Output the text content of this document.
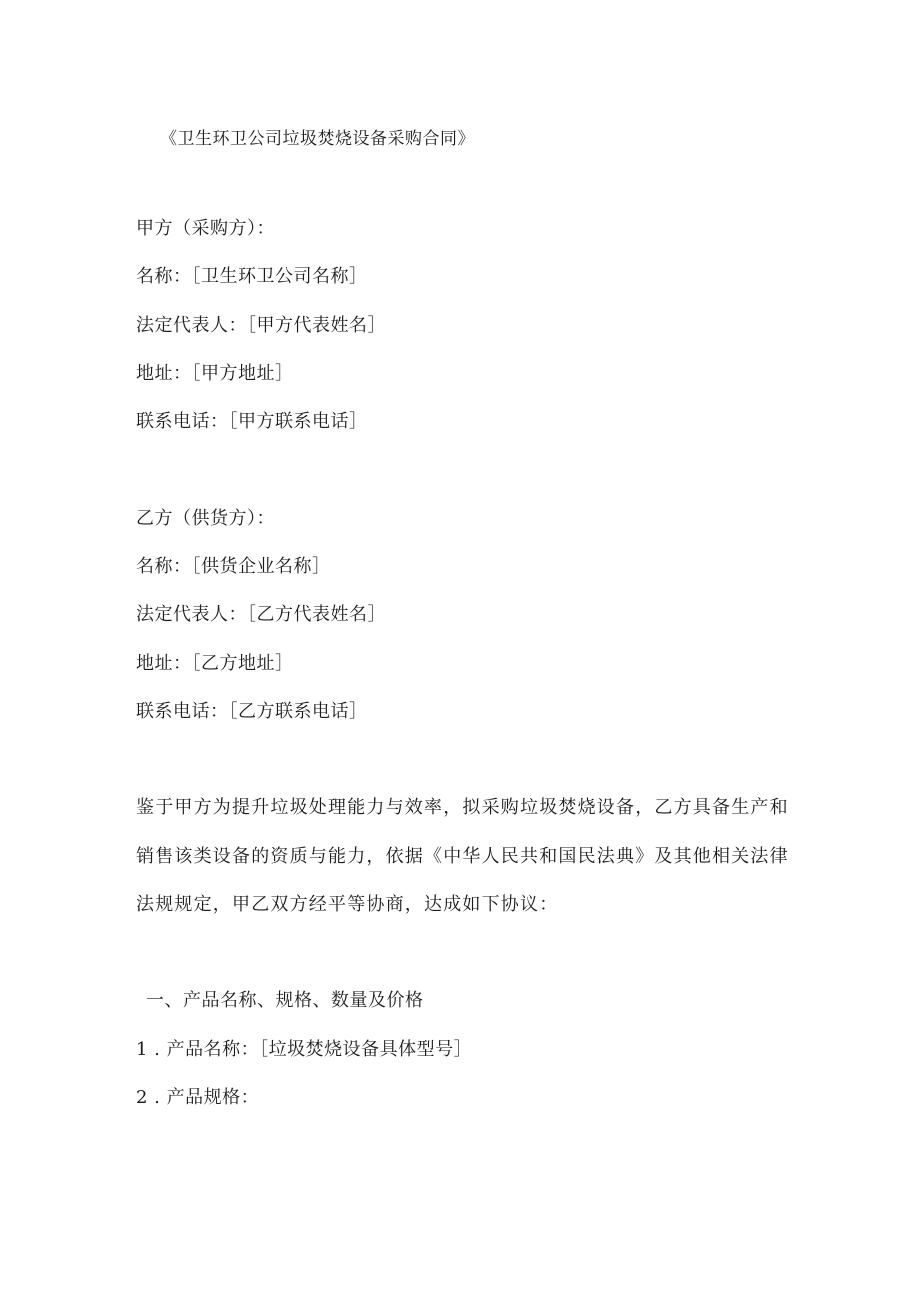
《卫生环卫公司垃圾焚烧设备采购合同》
甲方（采购方）：
名称：［卫生环卫公司名称］
法定代表人：［甲方代表姓名］
地址：［甲方地址］
联系电话：［甲方联系电话］
乙方（供货方）：
名称：［供货企业名称］
法定代表人：［乙方代表姓名］
地址：［乙方地址］
联系电话：［乙方联系电话］
鉴于甲方为提升垃圾处理能力与效率，拟采购垃圾焚烧设备，乙方具备生产和
销售该类设备的资质与能力，依据《中华人民共和国民法典》及其他相关法律
法规规定，甲乙双方经平等协商，达成如下协议：
一、产品名称、规格、数量及价格
1 . 产品名称：［垃圾焚烧设备具体型号］
2 . 产品规格：
